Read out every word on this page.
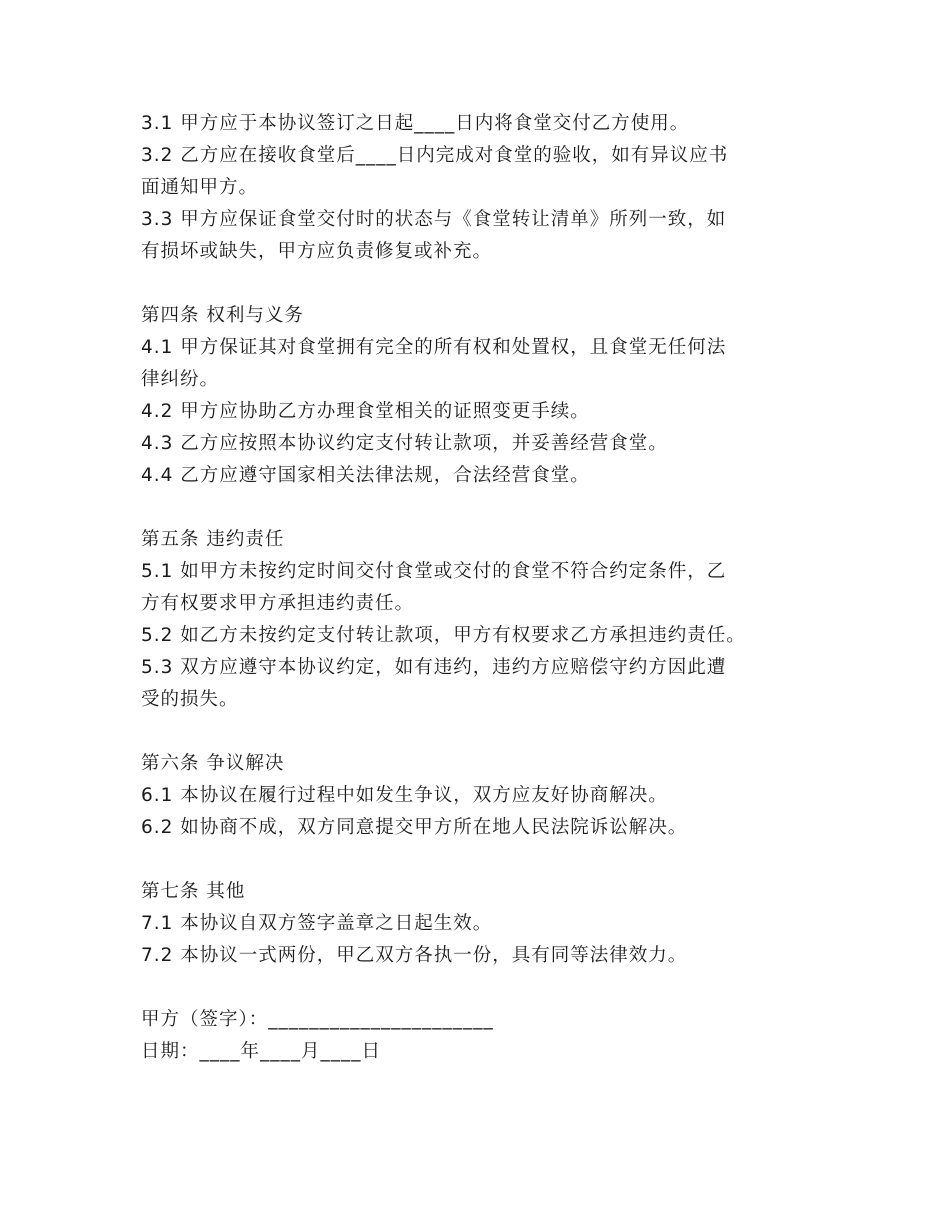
3.1 甲方应于本协议签订之日起____日内将食堂交付乙方使用。
3.2 乙方应在接收食堂后____日内完成对食堂的验收，如有异议应书
面通知甲方。
3.3 甲方应保证食堂交付时的状态与《食堂转让清单》所列一致，如
有损坏或缺失，甲方应负责修复或补充。
第四条 权利与义务
4.1 甲方保证其对食堂拥有完全的所有权和处置权，且食堂无任何法
律纠纷。
4.2 甲方应协助乙方办理食堂相关的证照变更手续。
4.3 乙方应按照本协议约定支付转让款项，并妥善经营食堂。
4.4 乙方应遵守国家相关法律法规，合法经营食堂。
第五条 违约责任
5.1 如甲方未按约定时间交付食堂或交付的食堂不符合约定条件，乙
方有权要求甲方承担违约责任。
5.2 如乙方未按约定支付转让款项，甲方有权要求乙方承担违约责任。
5.3 双方应遵守本协议约定，如有违约，违约方应赔偿守约方因此遭
受的损失。
第六条 争议解决
6.1 本协议在履行过程中如发生争议，双方应友好协商解决。
6.2 如协商不成，双方同意提交甲方所在地人民法院诉讼解决。
第七条 其他
7.1 本协议自双方签字盖章之日起生效。
7.2 本协议一式两份，甲乙双方各执一份，具有同等法律效力。
甲方（签字）：______________________
日期：____年____月____日
